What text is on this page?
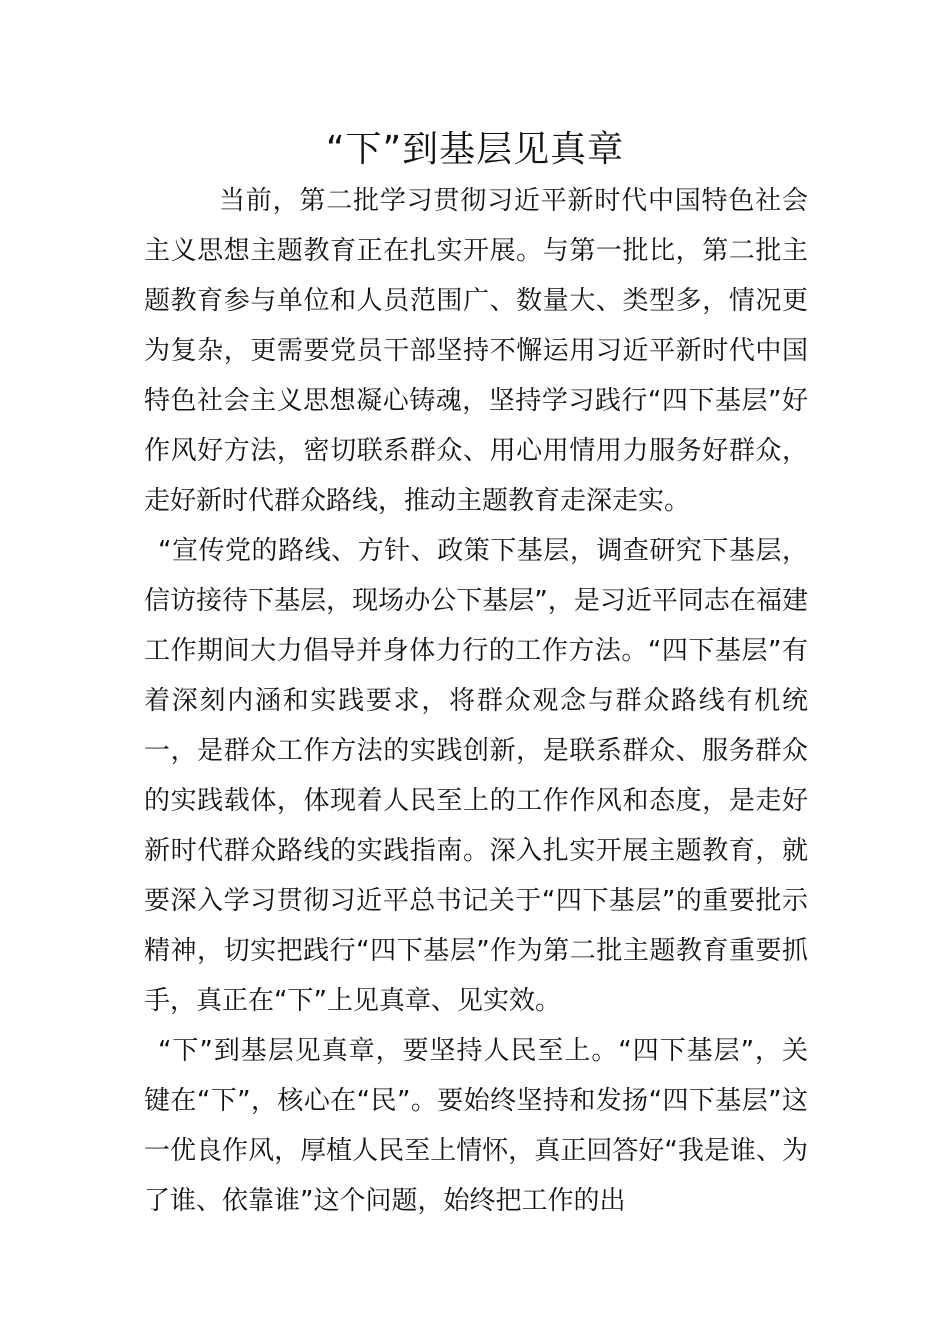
“下”到基层见真章

当前，第二批学习贯彻习近平新时代中国特色社会主义思想主题教育正在扎实开展。与第一批比，第二批主题教育参与单位和人员范围广、数量大、类型多，情况更为复杂，更需要党员干部坚持不懈运用习近平新时代中国特色社会主义思想凝心铸魂，坚持学习践行“四下基层”好作风好方法，密切联系群众、用心用情用力服务好群众，走好新时代群众路线，推动主题教育走深走实。

“宣传党的路线、方针、政策下基层，调查研究下基层，信访接待下基层，现场办公下基层”，是习近平同志在福建工作期间大力倡导并身体力行的工作方法。“四下基层”有着深刻内涵和实践要求，将群众观念与群众路线有机统一，是群众工作方法的实践创新，是联系群众、服务群众的实践载体，体现着人民至上的工作作风和态度，是走好新时代群众路线的实践指南。深入扎实开展主题教育，就要深入学习贯彻习近平总书记关于“四下基层”的重要批示精神，切实把践行“四下基层”作为第二批主题教育重要抓手，真正在“下”上见真章、见实效。

“下”到基层见真章，要坚持人民至上。“四下基层”，关键在“下”，核心在“民”。要始终坚持和发扬“四下基层”这一优良作风，厚植人民至上情怀，真正回答好“我是谁、为了谁、依靠谁”这个问题，始终把工作的出
